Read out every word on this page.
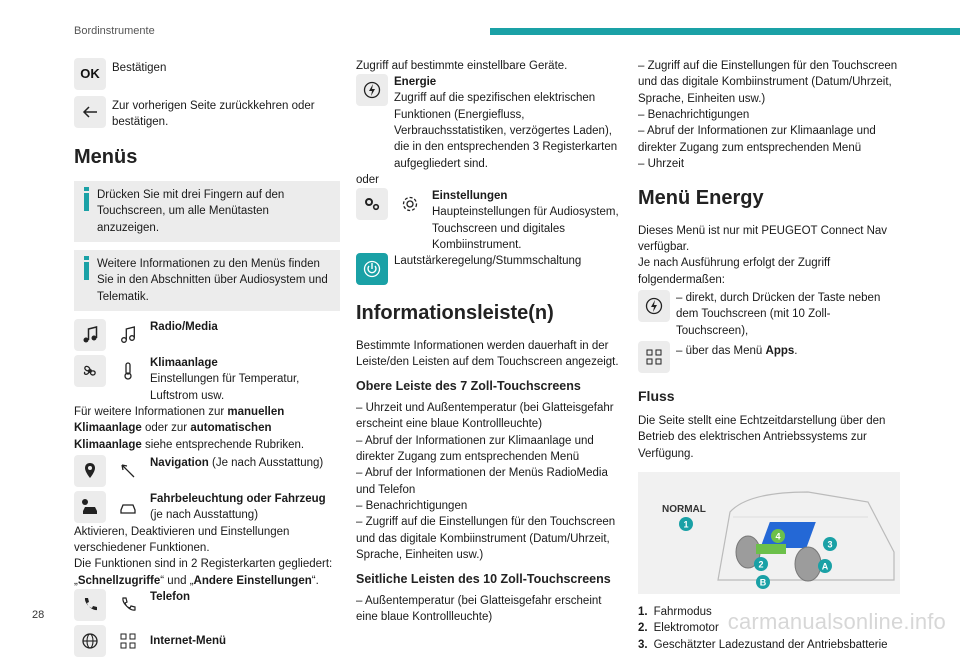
Bordinstrumente
OK Bestätigen
Zur vorherigen Seite zurückkehren oder bestätigen.
Menüs
Drücken Sie mit drei Fingern auf den Touchscreen, um alle Menütasten anzuzeigen.
Weitere Informationen zu den Menüs finden Sie in den Abschnitten über Audiosystem und Telematik.
Radio/Media
Klimaanlage
Einstellungen für Temperatur, Luftstrom usw.
Für weitere Informationen zur manuellen Klimaanlage oder zur automatischen Klimaanlage siehe entsprechende Rubriken.
Navigation (Je nach Ausstattung)
Fahrbeleuchtung oder Fahrzeug (je nach Ausstattung)
Aktivieren, Deaktivieren und Einstellungen verschiedener Funktionen.
Die Funktionen sind in 2 Registerkarten gegliedert: „Schnellzugriffe“ und „Andere Einstellungen“.
Telefon
Internet-Menü
Zugriff auf bestimmte einstellbare Geräte.
Energie
Zugriff auf die spezifischen elektrischen Funktionen (Energiefluss, Verbrauchsstatistiken, verzögertes Laden), die in den entsprechenden 3 Registerkarten aufgegliedert sind.
oder
Einstellungen
Haupteinstellungen für Audiosystem, Touchscreen und digitales Kombiinstrument.
Lautstärkeregelung/Stummschaltung
Informationsleiste(n)
Bestimmte Informationen werden dauerhaft in der Leiste/den Leisten auf dem Touchscreen angezeigt.
Obere Leiste des 7 Zoll-Touchscreens
– Uhrzeit und Außentemperatur (bei Glatteisgefahr erscheint eine blaue Kontrollleuchte)
– Abruf der Informationen zur Klimaanlage und direkter Zugang zum entsprechenden Menü
– Abruf der Informationen der Menüs RadioMedia und Telefon
– Benachrichtigungen
– Zugriff auf die Einstellungen für den Touchscreen und das digitale Kombiinstrument (Datum/Uhrzeit, Sprache, Einheiten usw.)
Seitliche Leisten des 10 Zoll-Touchscreens
– Außentemperatur (bei Glatteisgefahr erscheint eine blaue Kontrollleuchte)
– Zugriff auf die Einstellungen für den Touchscreen und das digitale Kombiinstrument (Datum/Uhrzeit, Sprache, Einheiten usw.)
– Benachrichtigungen
– Abruf der Informationen zur Klimaanlage und direkter Zugang zum entsprechenden Menü
– Uhrzeit
Menü Energy
Dieses Menü ist nur mit PEUGEOT Connect Nav verfügbar.
Je nach Ausführung erfolgt der Zugriff folgendermaßen:
– direkt, durch Drücken der Taste neben dem Touchscreen (mit 10 Zoll-Touchscreen),
– über das Menü Apps.
Fluss
Die Seite stellt eine Echtzeitdarstellung über den Betrieb des elektrischen Antriebssystems zur Verfügung.
NORMAL
1
4
3
2	A
B
1. Fahrmodus
2. Elektromotor
3. Geschätzter Ladezustand der Antriebsbatterie
28	carmanualsonline.info
